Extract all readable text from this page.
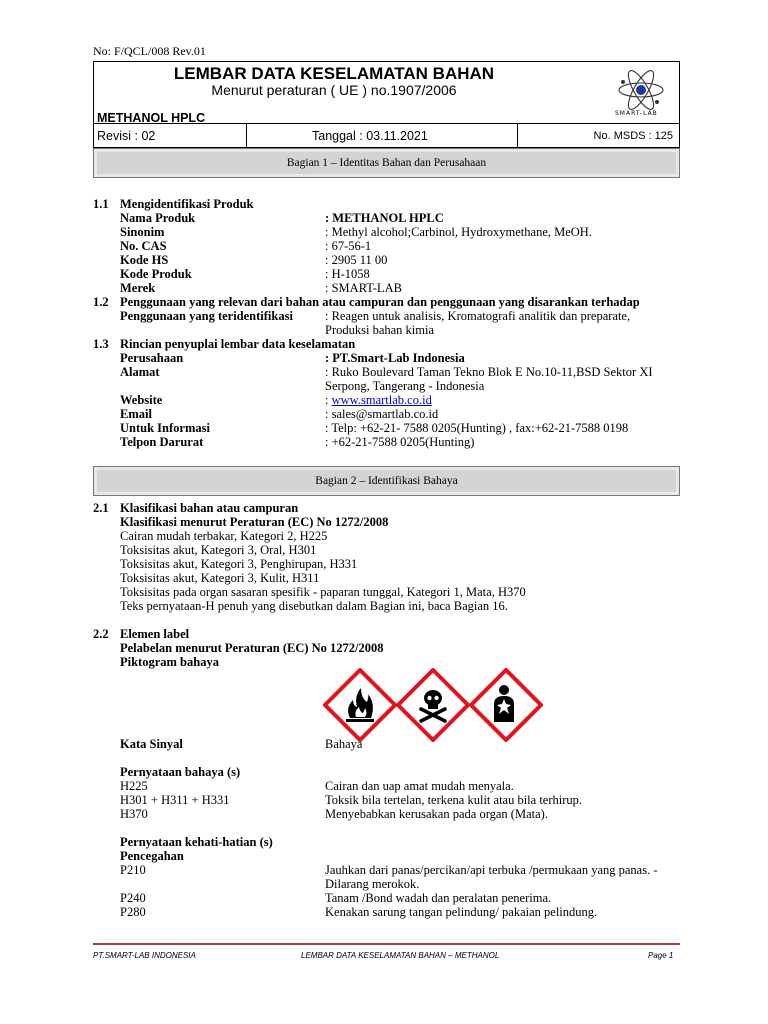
No: F/QCL/008 Rev.01
LEMBAR DATA KESELAMATAN BAHAN
Menurut peraturan ( UE ) no.1907/2006
METHANOL HPLC	SMART-LAB
Revisi : 02	Tanggal : 03.11.2021	No. MSDS : 125
Bagian 1 – Identitas Bahan dan Perusahaan
1.1 Mengidentifikasi Produk
Nama Produk	: METHANOL HPLC
Sinonim	: Methyl alcohol;Carbinol, Hydroxymethane, MeOH.
No. CAS	: 67-56-1
Kode HS	: 2905 11 00
Kode Produk	: H-1058
Merek	: SMART-LAB
1.2 Penggunaan yang relevan dari bahan atau campuran dan penggunaan yang disarankan terhadap
Penggunaan yang teridentifikasi	: Reagen untuk analisis, Kromatografi analitik dan preparate,
Produksi bahan kimia
1.3 Rincian penyuplai lembar data keselamatan
Perusahaan	: PT.Smart-Lab Indonesia
Alamat	: Ruko Boulevard Taman Tekno Blok E No.10-11,BSD Sektor XI
Serpong, Tangerang - Indonesia
Website	: www.smartlab.co.id
Email	: sales@smartlab.co.id
Untuk Informasi	: Telp: +62-21- 7588 0205(Hunting) , fax:+62-21-7588 0198
Telpon Darurat	: +62-21-7588 0205(Hunting)
Bagian 2 – Identifikasi Bahaya
2.1 Klasifikasi bahan atau campuran
Klasifikasi menurut Peraturan (EC) No 1272/2008
Cairan mudah terbakar, Kategori 2, H225
Toksisitas akut, Kategori 3, Oral, H301
Toksisitas akut, Kategori 3, Penghirupan, H331
Toksisitas akut, Kategori 3, Kulit, H311
Toksisitas pada organ sasaran spesifik - paparan tunggal, Kategori 1, Mata, H370
Teks pernyataan-H penuh yang disebutkan dalam Bagian ini, baca Bagian 16.
2.2 Elemen label
Pelabelan menurut Peraturan (EC) No 1272/2008
Piktogram bahaya
Kata Sinyal	Bahaya
Pernyataan bahaya (s)
H225	Cairan dan uap amat mudah menyala.
H301 + H311 + H331	Toksik bila tertelan, terkena kulit atau bila terhirup.
H370	Menyebabkan kerusakan pada organ (Mata).
Pernyataan kehati-hatian (s)
Pencegahan
P210	Jauhkan dari panas/percikan/api terbuka /permukaan yang panas. -
Dilarang merokok.
P240	Tanam /Bond wadah dan peralatan penerima.
P280	Kenakan sarung tangan pelindung/ pakaian pelindung.
PT.SMART-LAB INDONESIA	LEMBAR DATA KESELAMATAN BAHAN – METHANOL	Page 1
